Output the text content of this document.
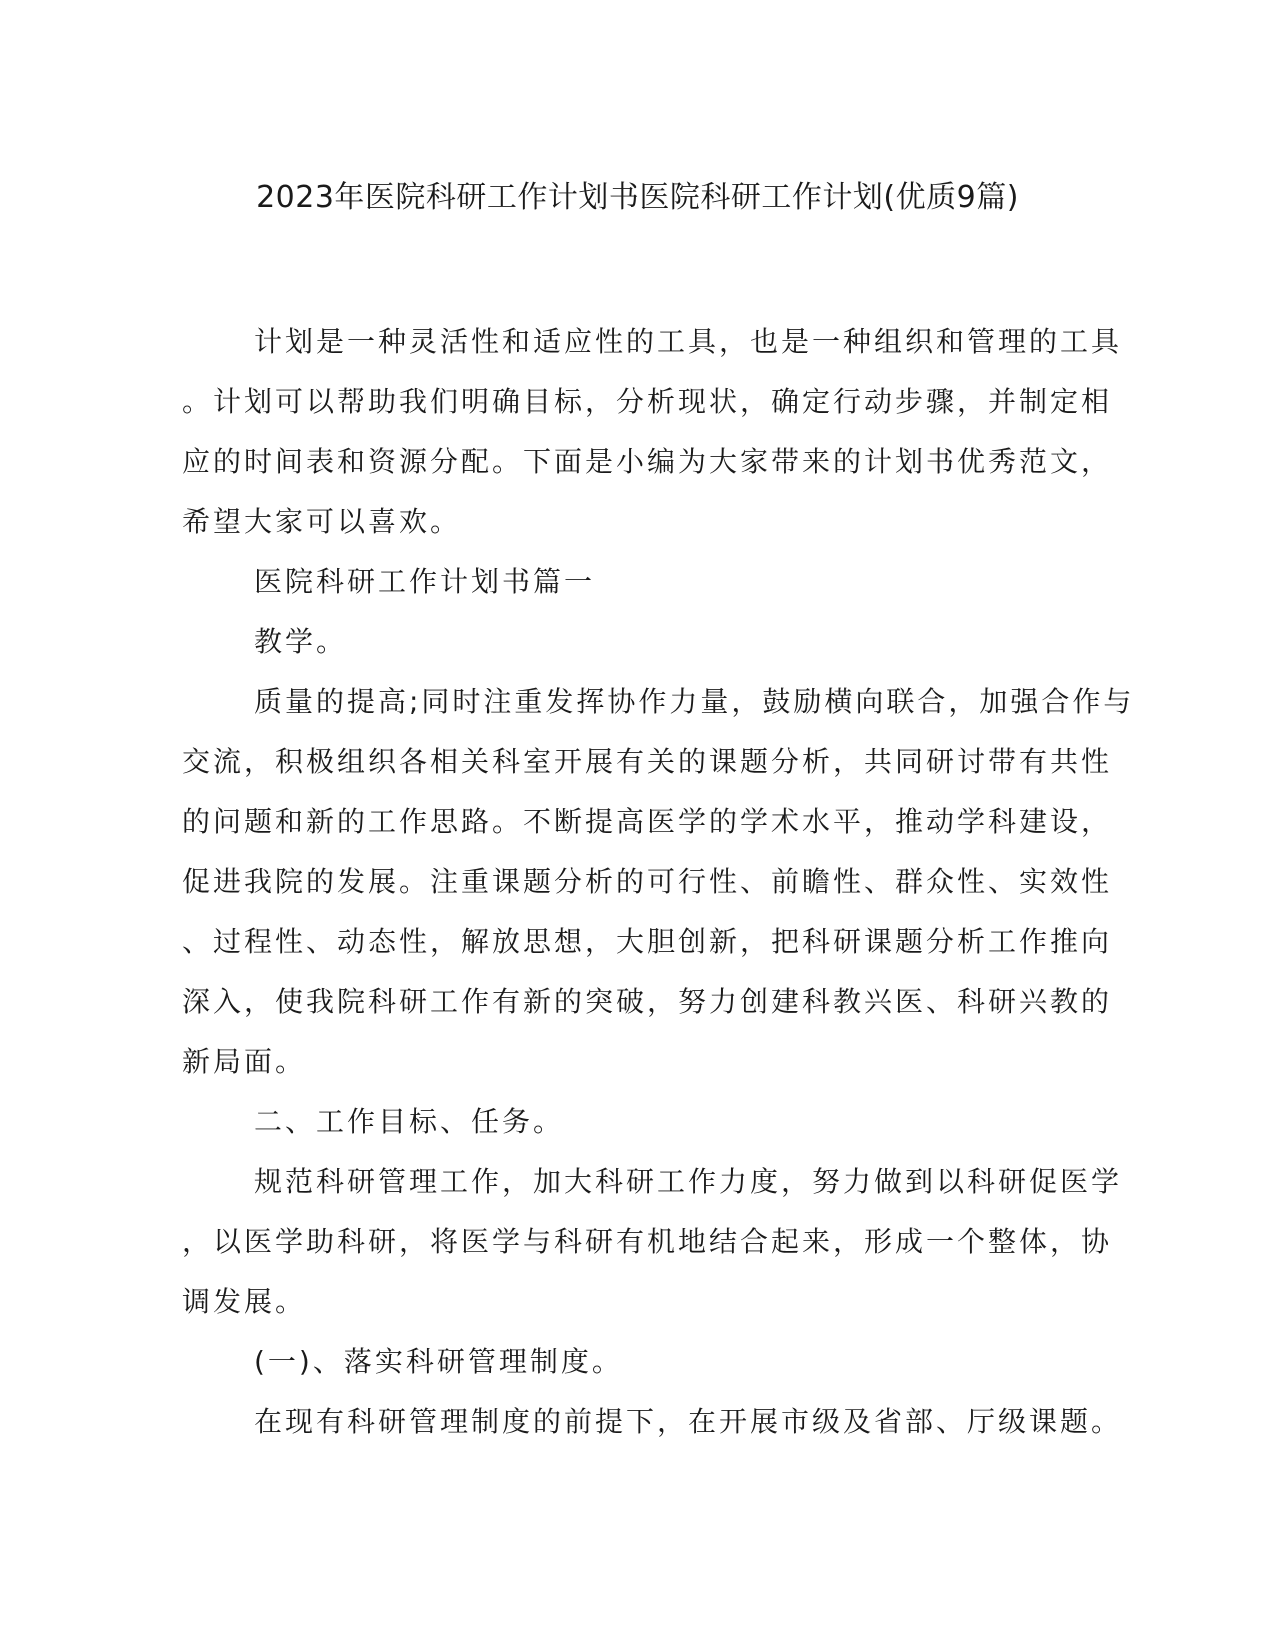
2023年医院科研工作计划书医院科研工作计划(优质9篇)
计划是一种灵活性和适应性的工具，也是一种组织和管理的工具
。计划可以帮助我们明确目标，分析现状，确定行动步骤，并制定相
应的时间表和资源分配。下面是小编为大家带来的计划书优秀范文，
希望大家可以喜欢。
医院科研工作计划书篇一
教学。
质量的提高;同时注重发挥协作力量，鼓励横向联合，加强合作与
交流，积极组织各相关科室开展有关的课题分析，共同研讨带有共性
的问题和新的工作思路。不断提高医学的学术水平，推动学科建设，
促进我院的发展。注重课题分析的可行性、前瞻性、群众性、实效性
、过程性、动态性，解放思想，大胆创新，把科研课题分析工作推向
深入，使我院科研工作有新的突破，努力创建科教兴医、科研兴教的
新局面。
二、工作目标、任务。
规范科研管理工作，加大科研工作力度，努力做到以科研促医学
，以医学助科研，将医学与科研有机地结合起来，形成一个整体，协
调发展。
(一)、落实科研管理制度。
在现有科研管理制度的前提下，在开展市级及省部、厅级课题。
